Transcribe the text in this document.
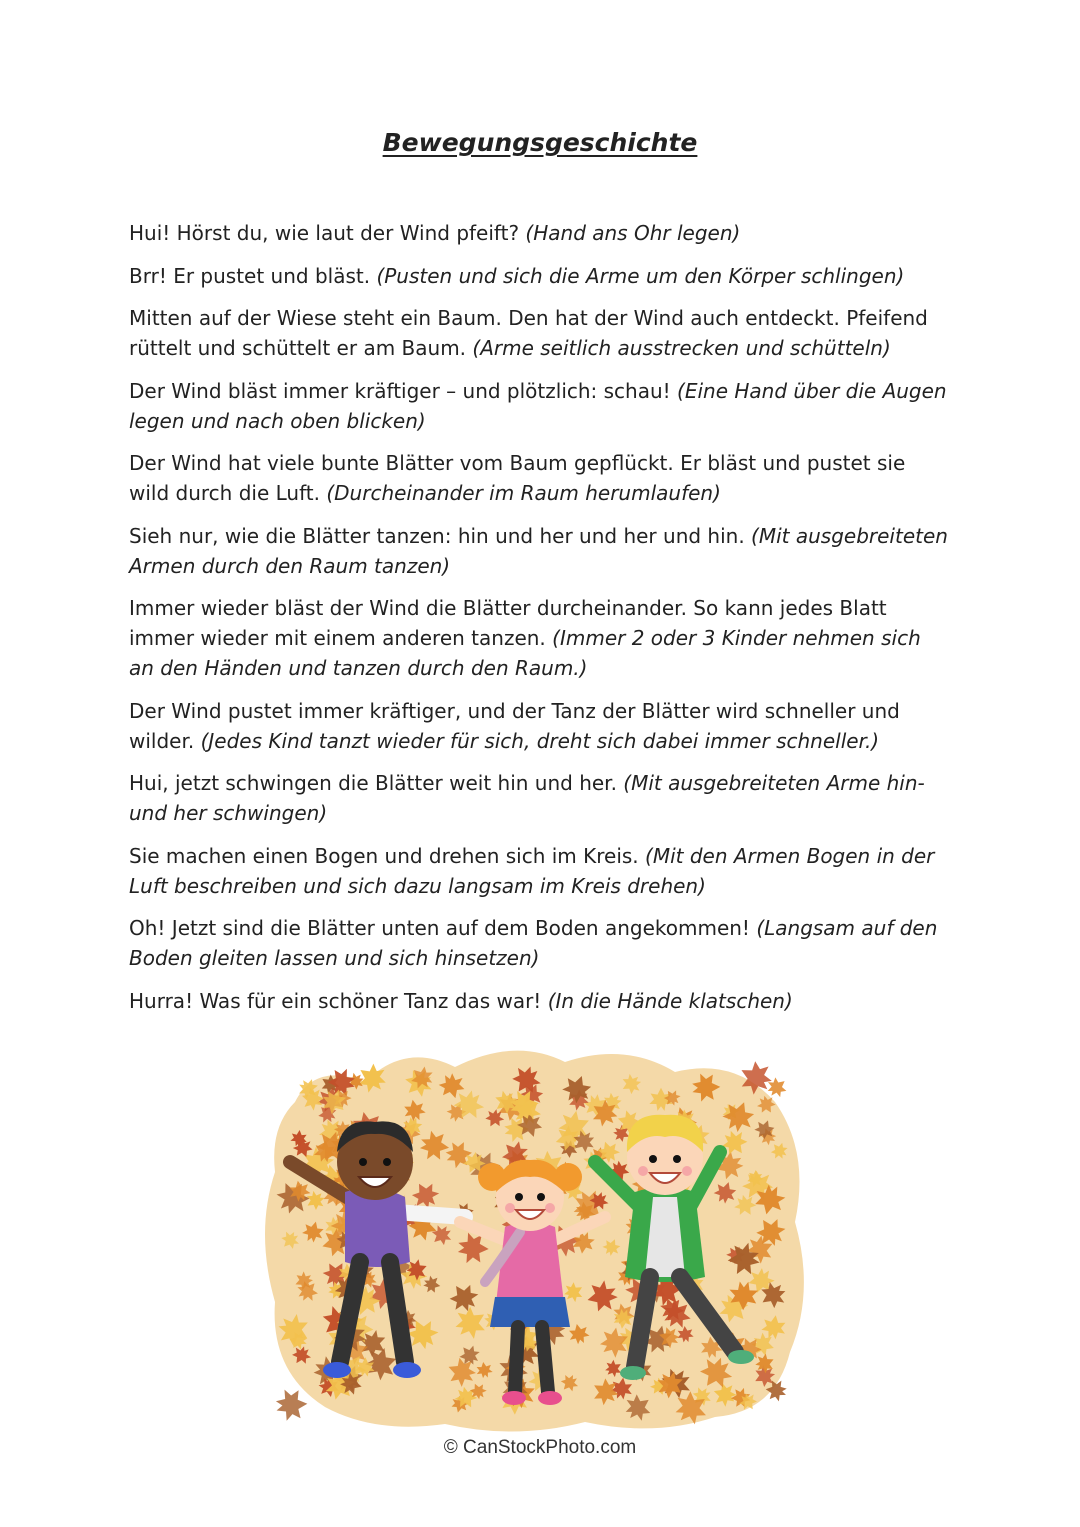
Bewegungsgeschichte

Hui! Hörst du, wie laut der Wind pfeift? (Hand ans Ohr legen)

Brr! Er pustet und bläst. (Pusten und sich die Arme um den Körper schlingen)

Mitten auf der Wiese steht ein Baum. Den hat der Wind auch entdeckt. Pfeifend rüttelt und schüttelt er am Baum. (Arme seitlich ausstrecken und schütteln)

Der Wind bläst immer kräftiger – und plötzlich: schau! (Eine Hand über die Augen legen und nach oben blicken)

Der Wind hat viele bunte Blätter vom Baum gepflückt. Er bläst und pustet sie wild durch die Luft. (Durcheinander im Raum herumlaufen)

Sieh nur, wie die Blätter tanzen: hin und her und her und hin. (Mit ausgebreiteten Armen durch den Raum tanzen)

Immer wieder bläst der Wind die Blätter durcheinander. So kann jedes Blatt immer wieder mit einem anderen tanzen. (Immer 2 oder 3 Kinder nehmen sich an den Händen und tanzen durch den Raum.)

Der Wind pustet immer kräftiger, und der Tanz der Blätter wird schneller und wilder. (Jedes Kind tanzt wieder für sich, dreht sich dabei immer schneller.)

Hui, jetzt schwingen die Blätter weit hin und her. (Mit ausgebreiteten Arme hin- und her schwingen)

Sie machen einen Bogen und drehen sich im Kreis. (Mit den Armen Bogen in der Luft beschreiben und sich dazu langsam im Kreis drehen)

Oh! Jetzt sind die Blätter unten auf dem Boden angekommen! (Langsam auf den Boden gleiten lassen und sich hinsetzen)

Hurra! Was für ein schöner Tanz das war! (In die Hände klatschen)

© CanStockPhoto.com
